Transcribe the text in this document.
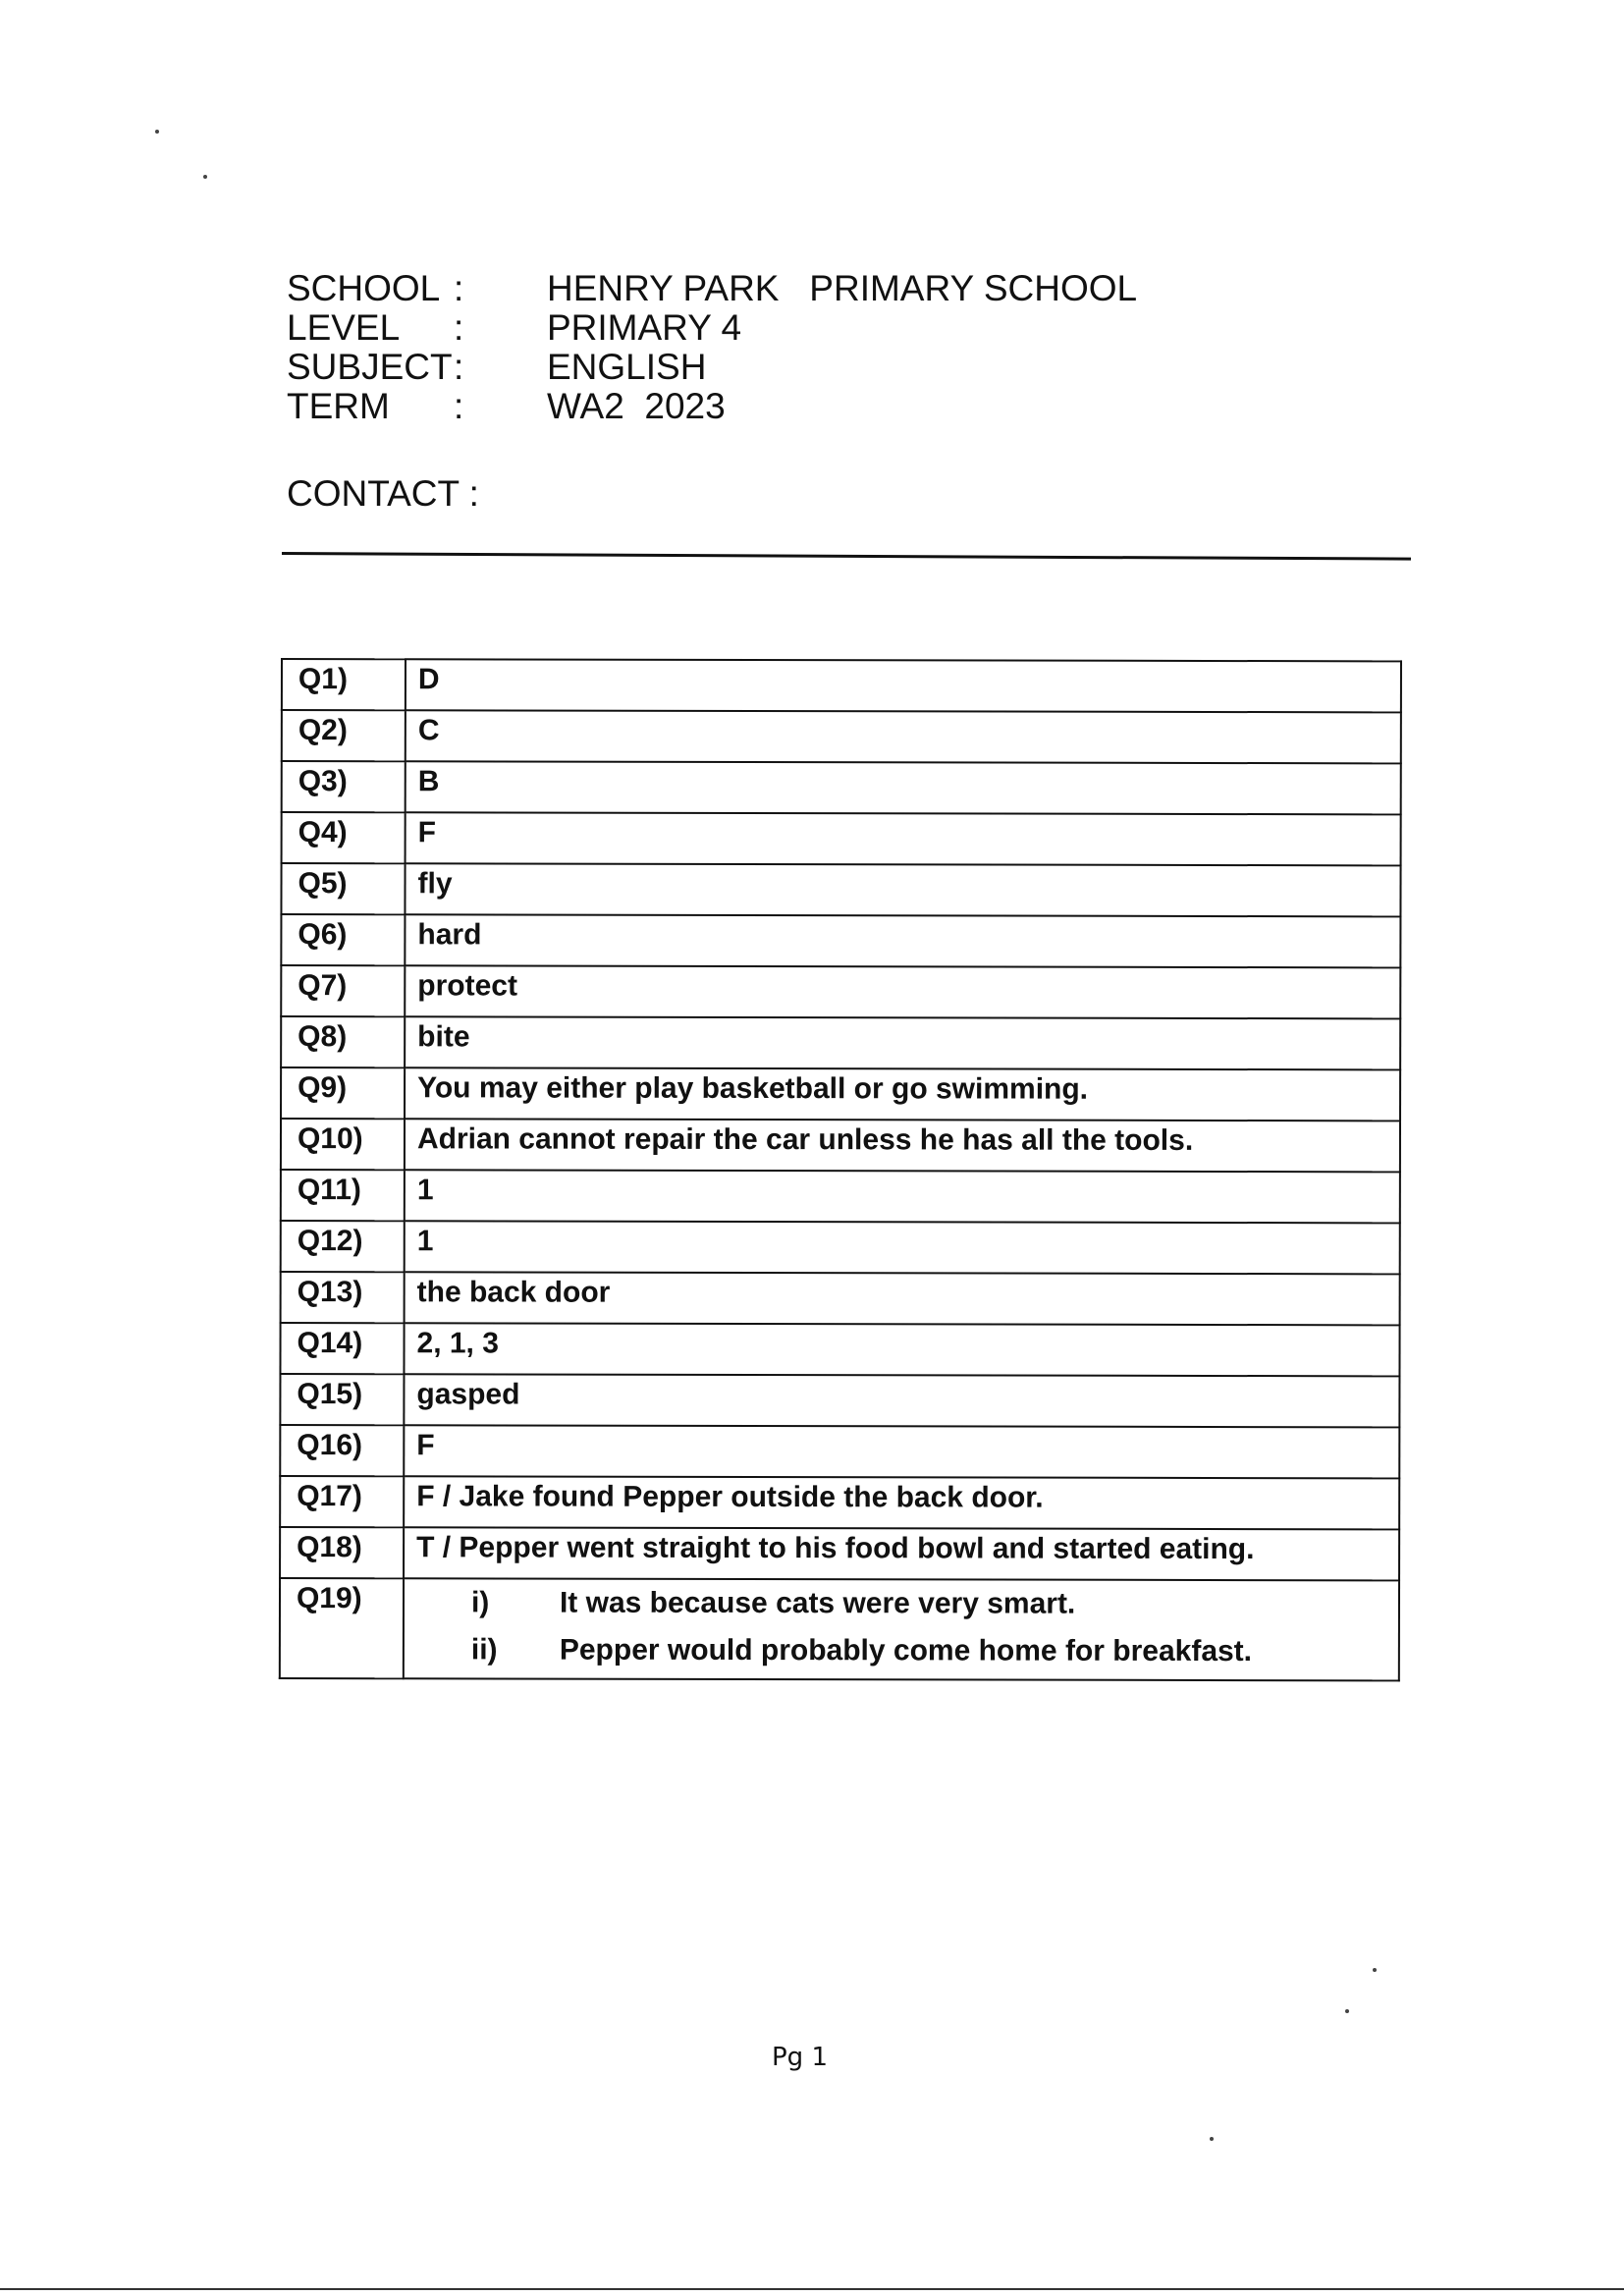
SCHOOL :	HENRY PARK   PRIMARY SCHOOL
LEVEL	:	PRIMARY 4
SUBJECT :	ENGLISH
TERM	:	WA2  2023
CONTACT :
Q1)	D
Q2)	C
Q3)	B
Q4)	F
Q5)	fly
Q6)	hard
Q7)	protect
Q8)	bite
Q9)	You may either play basketball or go swimming.
Q10)	Adrian cannot repair the car unless he has all the tools.
Q11)	1
Q12)	1
Q13)	the back door
Q14)	2, 1, 3
Q15)	gasped
Q16)	F
Q17)	F / Jake found Pepper outside the back door.
Q18)	T / Pepper went straight to his food bowl and started eating.
Q19)	i) It was because cats were very smart.
ii) Pepper would probably come home for breakfast.
Pg 1
